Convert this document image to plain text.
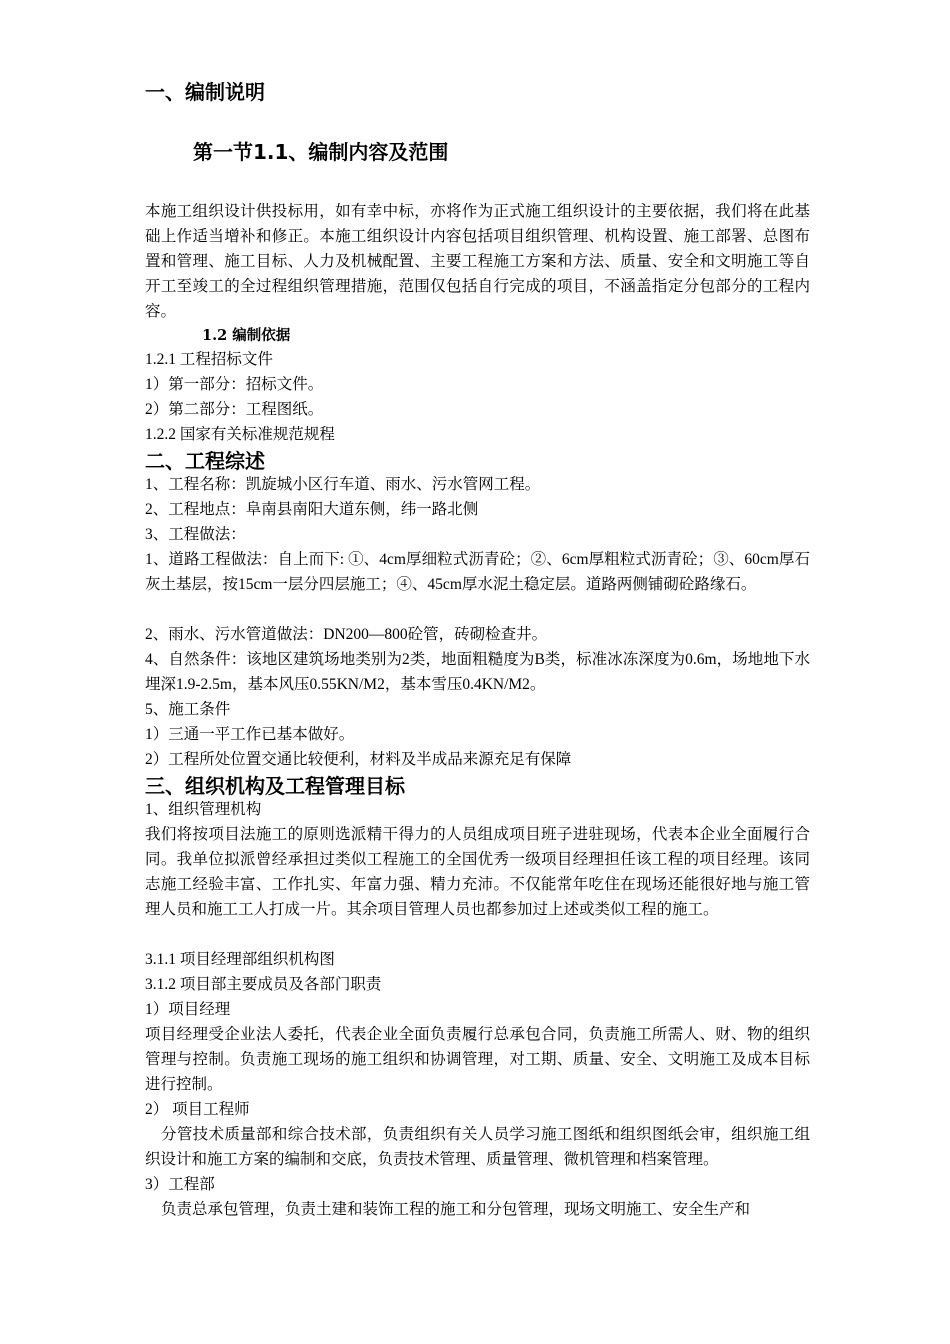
一、编制说明
第一节1.1、编制内容及范围

本施工组织设计供投标用，如有幸中标，亦将作为正式施工组织设计的主要依据，我们将在此基础上作适当增补和修正。本施工组织设计内容包括项目组织管理、机构设置、施工部署、总图布置和管理、施工目标、人力及机械配置、主要工程施工方案和方法、质量、安全和文明施工等自开工至竣工的全过程组织管理措施，范围仅包括自行完成的项目，不涵盖指定分包部分的工程内容。

1.2 编制依据

1.2.1 工程招标文件

1）第一部分：招标文件。

2）第二部分：工程图纸。

1.2.2 国家有关标准规范规程

二、工程综述

1、工程名称：凯旋城小区行车道、雨水、污水管网工程。

2、工程地点：阜南县南阳大道东侧，纬一路北侧

3、工程做法：

1、道路工程做法：自上而下: ①、4cm厚细粒式沥青砼；②、6cm厚粗粒式沥青砼；③、60cm厚石灰土基层，按15cm一层分四层施工；④、45cm厚水泥土稳定层。道路两侧铺砌砼路缘石。

2、雨水、污水管道做法：DN200—800砼管，砖砌检查井。

4、自然条件：该地区建筑场地类别为2类，地面粗糙度为B类，标准冰冻深度为0.6m，场地地下水埋深1.9-2.5m，基本风压0.55KN/M2，基本雪压0.4KN/M2。

5、施工条件

1）三通一平工作已基本做好。

2）工程所处位置交通比较便利，材料及半成品来源充足有保障

三、组织机构及工程管理目标

1、组织管理机构

我们将按项目法施工的原则选派精干得力的人员组成项目班子进驻现场，代表本企业全面履行合同。我单位拟派曾经承担过类似工程施工的全国优秀一级项目经理担任该工程的项目经理。该同志施工经验丰富、工作扎实、年富力强、精力充沛。不仅能常年吃住在现场还能很好地与施工管理人员和施工工人打成一片。其余项目管理人员也都参加过上述或类似工程的施工。

3.1.1 项目经理部组织机构图

3.1.2 项目部主要成员及各部门职责

1）项目经理

项目经理受企业法人委托，代表企业全面负责履行总承包合同，负责施工所需人、财、物的组织管理与控制。负责施工现场的施工组织和协调管理，对工期、质量、安全、文明施工及成本目标进行控制。

2） 项目工程师

分管技术质量部和综合技术部，负责组织有关人员学习施工图纸和组织图纸会审，组织施工组织设计和施工方案的编制和交底，负责技术管理、质量管理、微机管理和档案管理。

3）工程部

负责总承包管理，负责土建和装饰工程的施工和分包管理，现场文明施工、安全生产和
